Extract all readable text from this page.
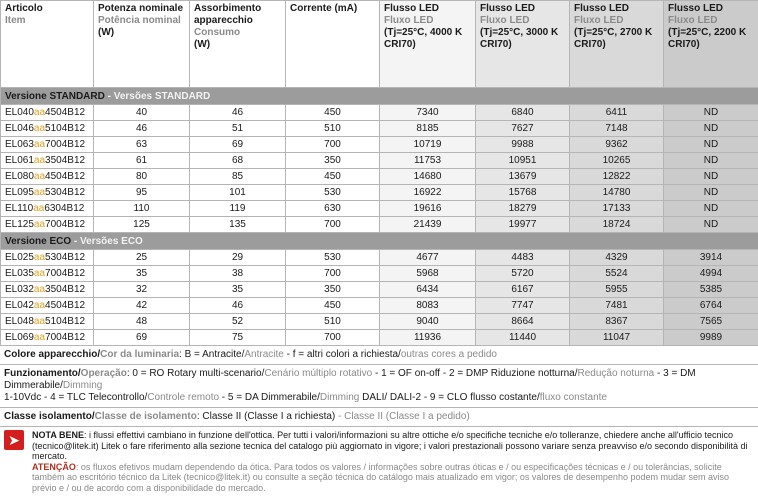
Articolo
Item	Potenza nominale
Potência nominal
(W)	Assorbimento apparecchio
Consumo
(W)	Corrente (mA)	Flusso LED
Fluxo LED
(Tj=25°C, 4000 K CRI70)	Flusso LED
Fluxo LED
(Tj=25°C, 3000 K CRI70)	Flusso LED
Fluxo LED
(Tj=25°C, 2700 K CRI70)	Flusso LED
Fluxo LED
(Tj=25°C, 2200 K CRI70)

Versione STANDARD - Versões STANDARD							
EL040aa4504B12	40	46	450	7340	6840	6411	ND
EL046aa5104B12	46	51	510	8185	7627	7148	ND
EL063aa7004B12	63	69	700	10719	9988	9362	ND
EL061aa3504B12	61	68	350	11753	10951	10265	ND
EL080aa4504B12	80	85	450	14680	13679	12822	ND
EL095aa5304B12	95	101	530	16922	15768	14780	ND
EL110aa6304B12	110	119	630	19616	18279	17133	ND
EL125aa7004B12	125	135	700	21439	19977	18724	ND
Versione ECO - Versões ECO							
EL025aa5304B12	25	29	530	4677	4483	4329	3914
EL035aa7004B12	35	38	700	5968	5720	5524	4994
EL032aa3504B12	32	35	350	6434	6167	5955	5385
EL042aa4504B12	42	46	450	8083	7747	7481	6764
EL048aa5104B12	48	52	510	9040	8664	8367	7565
EL069aa7004B12	69	75	700	11936	11440	11047	9989
Colore apparecchio/Cor da luminaria: B = Antracite/Antracite - f = altri colori a richiesta/outras cores a pedido
Funzionamento/Operação: 0 = RO Rotary multi-scenario/Cenário múltiplo rotativo - 1 = OF on-off - 2 = DMP Riduzione notturna/Redução noturna - 3 = DM Dimmerabile/Dimming
1-10Vdc - 4 = TLC Telecontrollo/Controle remoto - 5 = DA Dimmerabile/Dimming DALI/ DALI-2 - 9 = CLO flusso costante/fluxo constante
Classe isolamento/Classe de isolamento: Classe II (Classe I a richiesta) - Classe II (Classe I a pedido)
➤	NOTA BENE: i flussi effettivi cambiano in funzione dell'ottica. Per tutti i valori/informazioni su altre ottiche e/o specifiche tecniche e/o tolleranze, chiedere anche all'ufficio tecnico (tecnico@litek.it) Litek o fare riferimento alla sezione tecnica del catalogo più aggiornato in vigore; i valori prestazionali possono variare senza preavviso e/o secondo disponibilità di mercato.
ATENÇÃO: os fluxos efetivos mudam dependendo da ótica. Para todos os valores / informações sobre outras óticas e / ou especificações técnicas e / ou tolerâncias, solicite também ao escritório técnico da Litek (tecnico@litek.it) ou consulte a seção técnica do catálogo mais atualizado em vigor; os valores de desempenho podem mudar sem aviso prévio e / ou de acordo com a disponibilidade do mercado.
